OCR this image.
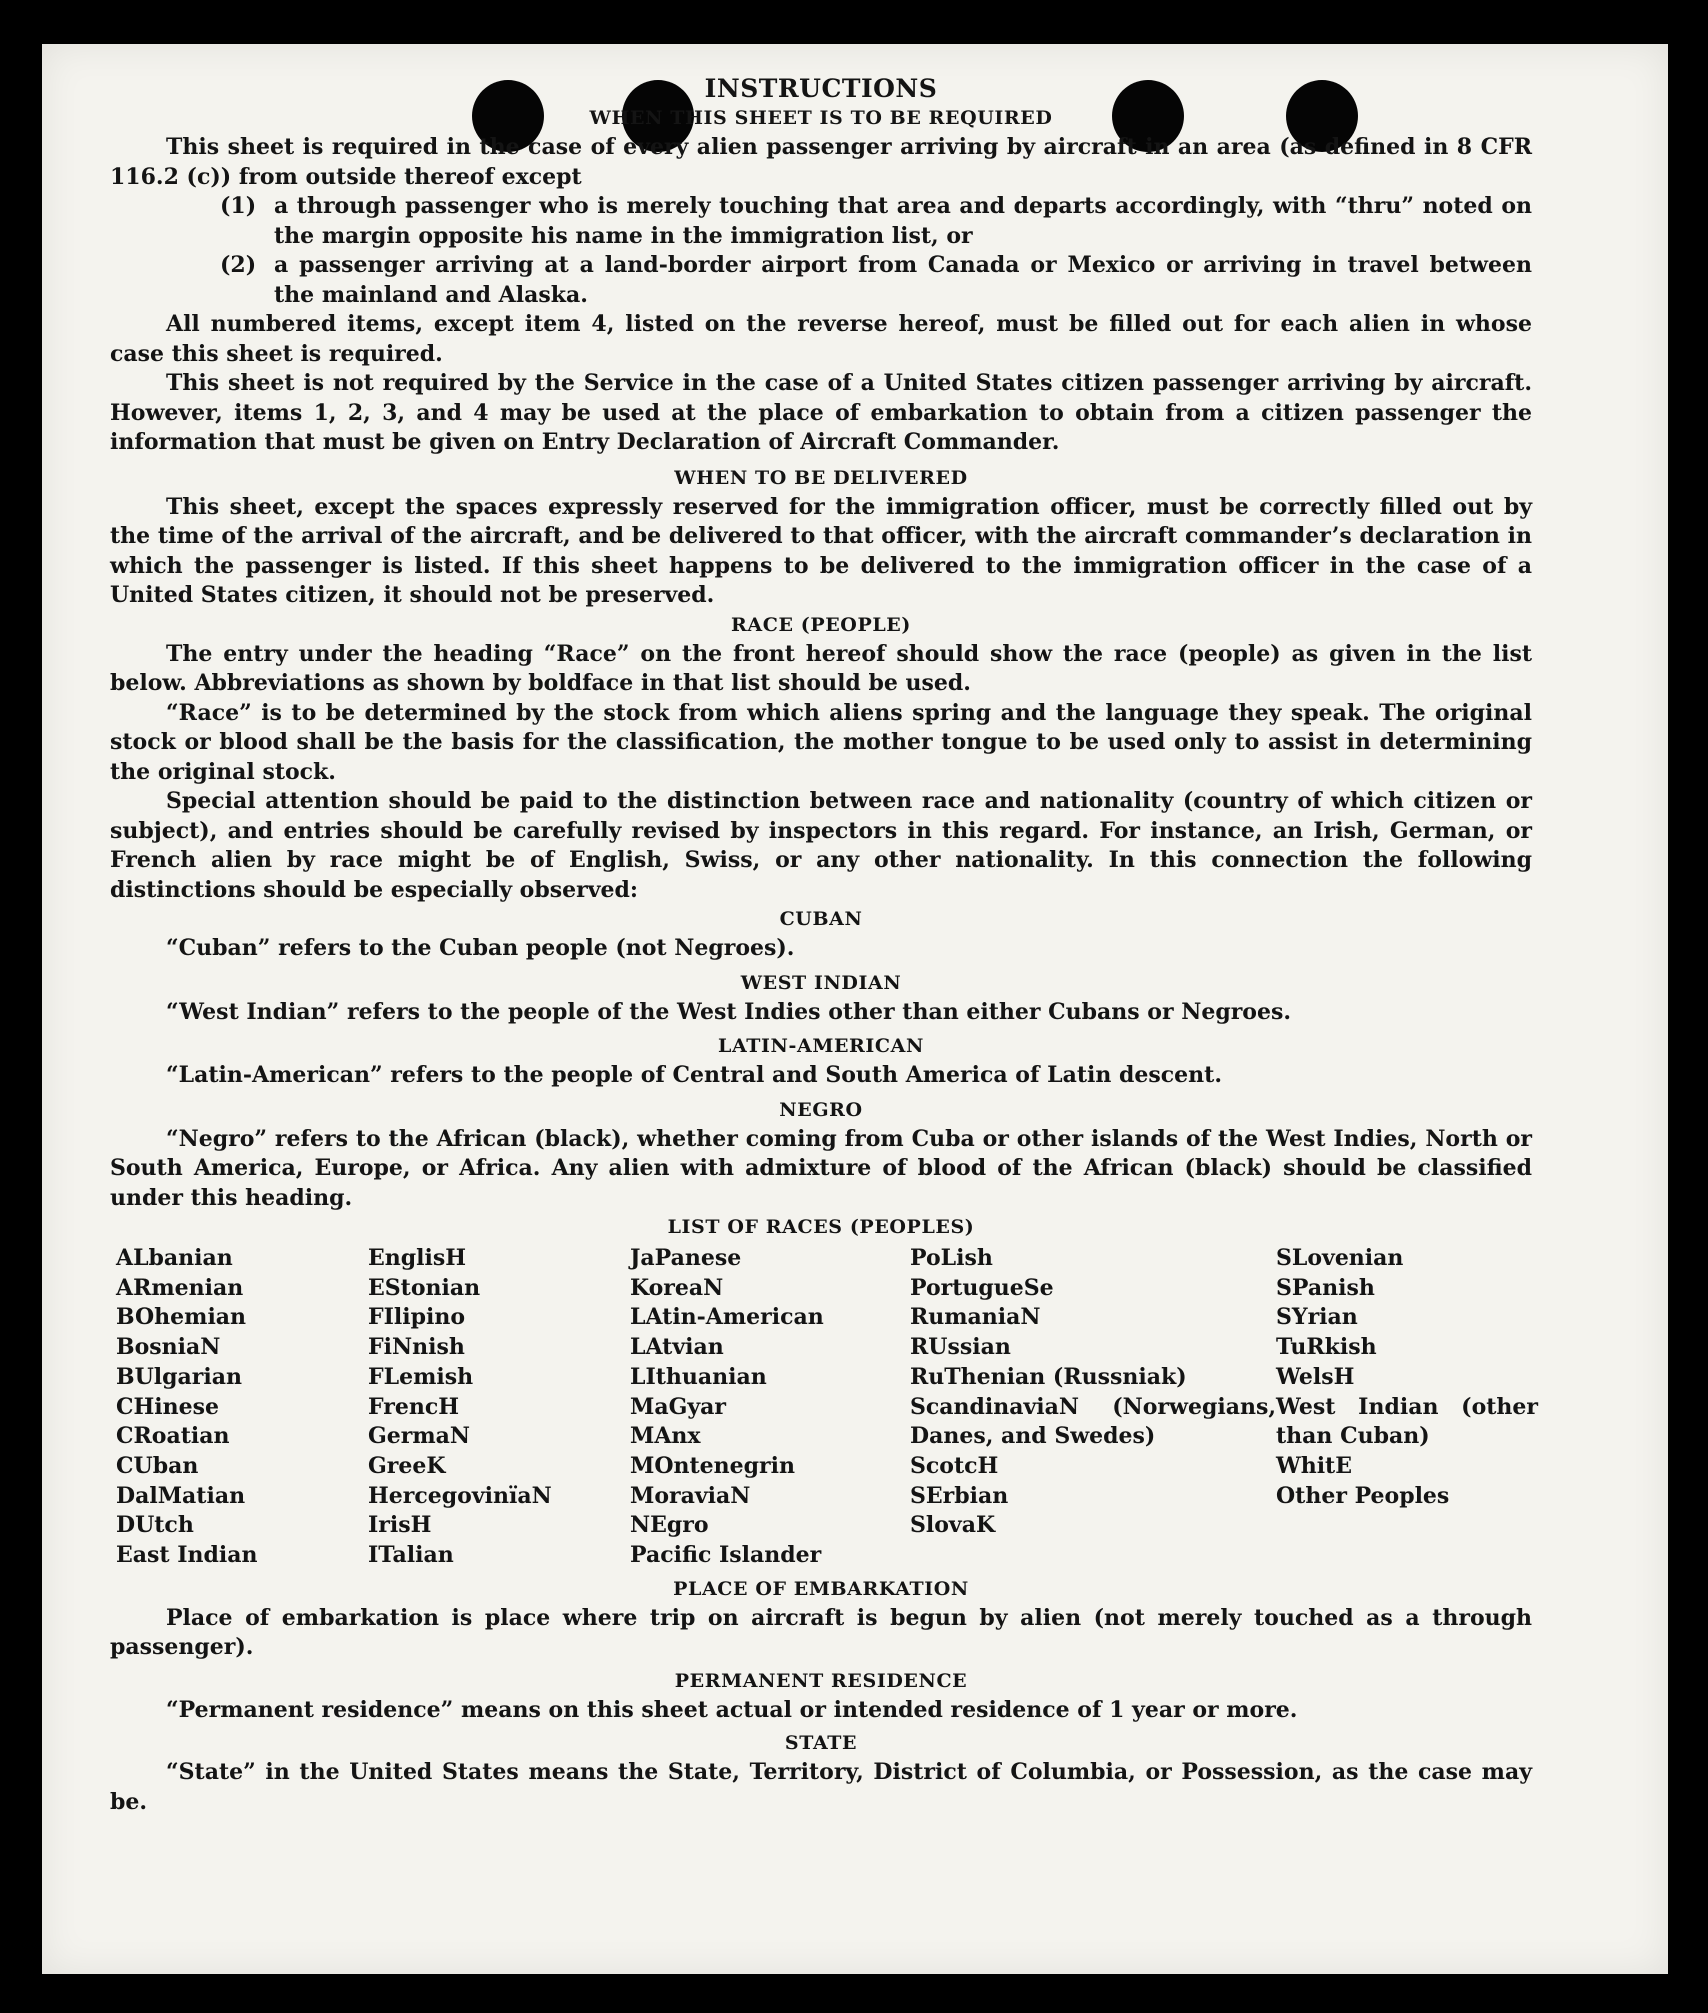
INSTRUCTIONS
WHEN THIS SHEET IS TO BE REQUIRED

This sheet is required in the case of every alien passenger arriving by aircraft in an area (as defined in 8 CFR 116.2 (c)) from outside thereof except

(1) a through passenger who is merely touching that area and departs accordingly, with “thru” noted on the margin opposite his name in the immigration list, or
(2) a passenger arriving at a land-border airport from Canada or Mexico or arriving in travel between the mainland and Alaska.

All numbered items, except item 4, listed on the reverse hereof, must be filled out for each alien in whose case this sheet is required.

This sheet is not required by the Service in the case of a United States citizen passenger arriving by aircraft. However, items 1, 2, 3, and 4 may be used at the place of embarkation to obtain from a citizen passenger the information that must be given on Entry Declaration of Aircraft Commander.

WHEN TO BE DELIVERED

This sheet, except the spaces expressly reserved for the immigration officer, must be correctly filled out by the time of the arrival of the aircraft, and be delivered to that officer, with the aircraft commander’s declaration in which the passenger is listed. If this sheet happens to be delivered to the immigration officer in the case of a United States citizen, it should not be preserved.

RACE (PEOPLE)

The entry under the heading “Race” on the front hereof should show the race (people) as given in the list below. Abbreviations as shown by boldface in that list should be used.

“Race” is to be determined by the stock from which aliens spring and the language they speak. The original stock or blood shall be the basis for the classification, the mother tongue to be used only to assist in determining the original stock.

Special attention should be paid to the distinction between race and nationality (country of which citizen or subject), and entries should be carefully revised by inspectors in this regard. For instance, an Irish, German, or French alien by race might be of English, Swiss, or any other nationality. In this connection the following distinctions should be especially observed:

CUBAN

“Cuban” refers to the Cuban people (not Negroes).

WEST INDIAN

“West Indian” refers to the people of the West Indies other than either Cubans or Negroes.

LATIN-AMERICAN

“Latin-American” refers to the people of Central and South America of Latin descent.

NEGRO

“Negro” refers to the African (black), whether coming from Cuba or other islands of the West Indies, North or South America, Europe, or Africa. Any alien with admixture of blood of the African (black) should be classified under this heading.

LIST OF RACES (PEOPLES)
ALbanian
ARmenian
BOhemian
BosniaN
BUlgarian
CHinese
CRoatian
CUban
DalMatian
DUtch
East Indian
EnglisH
EStonian
FIlipino
FiNnish
FLemish
FrencH
GermaN
GreeK
HercegovinïaN
IrisH
ITalian
JaPanese
KoreaN
LAtin-American
LAtvian
LIthuanian
MaGyar
MAnx
MOntenegrin
MoraviaN
NEgro
Pacific Islander
PoLish
PortugueSe
RumaniaN
RUssian
RuThenian (Russniak)
ScandinaviaN (Norwegians, Danes, and Swedes)
ScotcH
SErbian
SlovaK
SLovenian
SPanish
SYrian
TuRkish
WelsH
West Indian (other than Cuban)
WhitE
Other Peoples
PLACE OF EMBARKATION

Place of embarkation is place where trip on aircraft is begun by alien (not merely touched as a through passenger).

PERMANENT RESIDENCE

“Permanent residence” means on this sheet actual or intended residence of 1 year or more.

STATE

“State” in the United States means the State, Territory, District of Columbia, or Possession, as the case may be.
